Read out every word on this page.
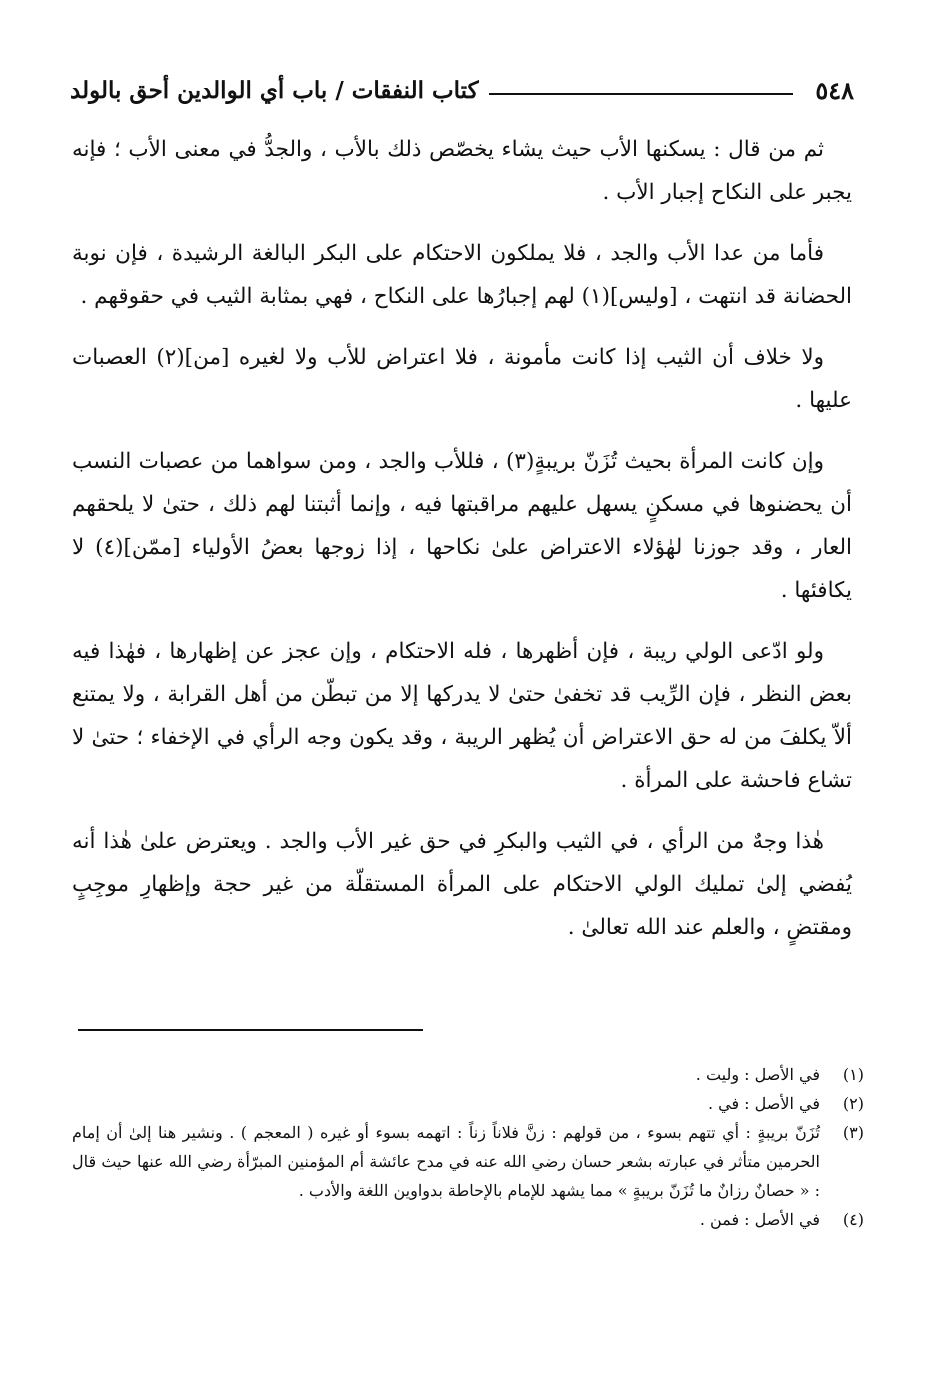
٥٤٨
كتاب النفقات / باب أي الوالدين أحق بالولد

ثم من قال : يسكنها الأب حيث يشاء يخصّص ذلك بالأب ، والجدُّ في معنى الأب ؛ فإنه يجبر على النكاح إجبار الأب .

فأما من عدا الأب والجد ، فلا يملكون الاحتكام على البكر البالغة الرشيدة ، فإن نوبة الحضانة قد انتهت ، [وليس](١) لهم إجبارُها على النكاح ، فهي بمثابة الثيب في حقوقهم .

ولا خلاف أن الثيب إذا كانت مأمونة ، فلا اعتراض للأب ولا لغيره [من](٢) العصبات عليها .

وإن كانت المرأة بحيث تُزَنّ بريبةٍ(٣) ، فللأب والجد ، ومن سواهما من عصبات النسب أن يحضنوها في مسكنٍ يسهل عليهم مراقبتها فيه ، وإنما أثبتنا لهم ذلك ، حتىٰ لا يلحقهم العار ، وقد جوزنا لهٰؤلاء الاعتراض علىٰ نكاحها ، إذا زوجها بعضُ الأولياء [ممّن](٤) لا يكافئها .

ولو ادّعى الولي ريبة ، فإن أظهرها ، فله الاحتكام ، وإن عجز عن إظهارها ، فهٰذا فيه بعض النظر ، فإن الرِّيب قد تخفىٰ حتىٰ لا يدركها إلا من تبطّن من أهل القرابة ، ولا يمتنع ألاّ يكلفَ من له حق الاعتراض أن يُظهر الريبة ، وقد يكون وجه الرأي في الإخفاء ؛ حتىٰ لا تشاع فاحشة على المرأة .

هٰذا وجهٌ من الرأي ، في الثيب والبكرِ في حق غير الأب والجد . ويعترض علىٰ هٰذا أنه يُفضي إلىٰ تمليك الولي الاحتكام على المرأة المستقلّة من غير حجة وإظهارِ موجِبٍ ومقتضٍ ، والعلم عند الله تعالىٰ .

(١)
في الأصل : وليت .
(٢)
في الأصل : في .
(٣)
تُزَنّ بريبةٍ : أي تتهم بسوء ، من قولهم : زنَّ فلاناً زناً : اتهمه بسوء أو غيره ( المعجم ) . ونشير هنا إلىٰ أن إمام الحرمين متأثر في عبارته بشعر حسان رضي الله عنه في مدح عائشة أم المؤمنين المبرّأة رضي الله عنها حيث قال : « حصانٌ رزانٌ ما تُزَنّ بريبةٍ » مما يشهد للإمام بالإحاطة بدواوين اللغة والأدب .
(٤)
في الأصل : فمن .
